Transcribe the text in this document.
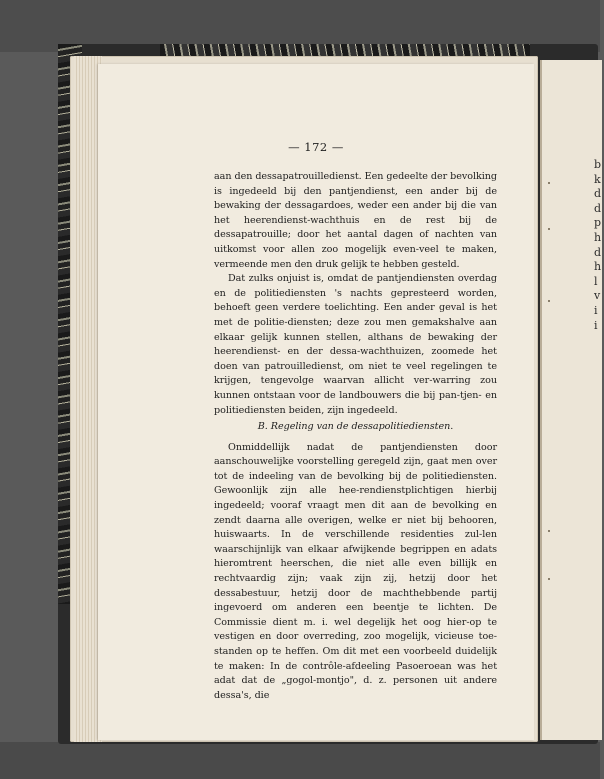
b
k
d
d
p
h
d
h
l
v
i
i
— 172 —

aan den dessapatrouilledienst. Een gedeelte der bevolking is ingedeeld bij den pantjendienst, een ander bij de bewaking der dessagardoes, weder een ander bij die van het heerendienst-wachthuis en de rest bij de dessapatrouille; door het aantal dagen of nachten van uitkomst voor allen zoo mogelijk even-veel te maken, vermeende men den druk gelijk te hebben gesteld.

Dat zulks onjuist is, omdat de pantjendiensten overdag en de politiediensten 's nachts gepresteerd worden, behoeft geen verdere toelichting. Een ander geval is het met de politie-diensten; deze zou men gemakshalve aan elkaar gelijk kunnen stellen, althans de bewaking der heerendienst- en der dessa-wachthuizen, zoomede het doen van patrouilledienst, om niet te veel regelingen te krijgen, tengevolge waarvan allicht ver-warring zou kunnen ontstaan voor de landbouwers die bij pan-tjen- en politiediensten beiden, zijn ingedeeld.

B. Regeling van de dessapolitiediensten.

Onmiddellijk nadat de pantjendiensten door aanschouwelijke voorstelling geregeld zijn, gaat men over tot de indeeling van de bevolking bij de politiediensten. Gewoonlijk zijn alle hee-rendienstplichtigen hierbij ingedeeld; vooraf vraagt men dit aan de bevolking en zendt daarna alle overigen, welke er niet bij behooren, huiswaarts. In de verschillende residenties zul-len waarschijnlijk van elkaar afwijkende begrippen en adats hieromtrent heerschen, die niet alle even billijk en rechtvaardig zijn; vaak zijn zij, hetzij door het dessabestuur, hetzij door de machthebbende partij ingevoerd om anderen een beentje te lichten. De Commissie dient m. i. wel degelijk het oog hier-op te vestigen en door overreding, zoo mogelijk, vicieuse toe-standen op te heffen. Om dit met een voorbeeld duidelijk te maken: In de contrôle-afdeeling Pasoeroean was het adat dat de „gogol-montjo", d. z. personen uit andere dessa's, die
